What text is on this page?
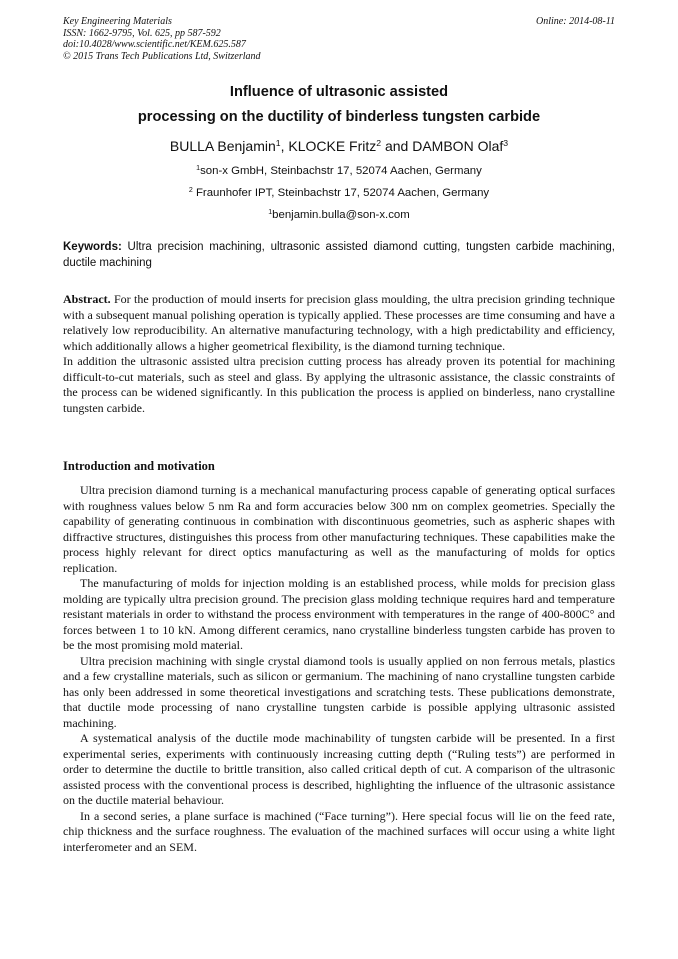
Key Engineering Materials
ISSN: 1662-9795, Vol. 625, pp 587-592
doi:10.4028/www.scientific.net/KEM.625.587
© 2015 Trans Tech Publications Ltd, Switzerland
Online: 2014-08-11
Influence of ultrasonic assisted
processing on the ductility of binderless tungsten carbide
BULLA Benjamin$^1$, KLOCKE Fritz$^2$ and DAMBON Olaf$^3$
$^1$son-x GmbH, Steinbachstr 17, 52074 Aachen, Germany
$^2$ Fraunhofer IPT, Steinbachstr 17, 52074 Aachen, Germany
$^1$benjamin.bulla@son-x.com
Keywords: Ultra precision machining, ultrasonic assisted diamond cutting, tungsten carbide machining, ductile machining

Abstract. For the production of mould inserts for precision glass moulding, the ultra precision grinding technique with a subsequent manual polishing operation is typically applied. These processes are time consuming and have a relatively low reproducibility. An alternative manufacturing technology, with a high predictability and efficiency, which additionally allows a higher geometrical flexibility, is the diamond turning technique.

In addition the ultrasonic assisted ultra precision cutting process has already proven its potential for machining difficult-to-cut materials, such as steel and glass. By applying the ultrasonic assistance, the classic constraints of the process can be widened significantly. In this publication the process is applied on binderless, nano crystalline tungsten carbide.

Introduction and motivation

Ultra precision diamond turning is a mechanical manufacturing process capable of generating optical surfaces with roughness values below 5 nm Ra and form accuracies below 300 nm on complex geometries. Specially the capability of generating continuous in combination with discontinuous geometries, such as aspheric shapes with diffractive structures, distinguishes this process from other manufacturing techniques. These capabilities make the process highly relevant for direct optics manufacturing as well as the manufacturing of molds for optics replication.

The manufacturing of molds for injection molding is an established process, while molds for precision glass molding are typically ultra precision ground. The precision glass molding technique requires hard and temperature resistant materials in order to withstand the process environment with temperatures in the range of 400-800C° and forces between 1 to 10 kN. Among different ceramics, nano crystalline binderless tungsten carbide has proven to be the most promising mold material.

Ultra precision machining with single crystal diamond tools is usually applied on non ferrous metals, plastics and a few crystalline materials, such as silicon or germanium. The machining of nano crystalline tungsten carbide has only been addressed in some theoretical investigations and scratching tests. These publications demonstrate, that ductile mode processing of nano crystalline tungsten carbide is possible applying ultrasonic assisted machining.

A systematical analysis of the ductile mode machinability of tungsten carbide will be presented. In a first experimental series, experiments with continuously increasing cutting depth (“Ruling tests”) are performed in order to determine the ductile to brittle transition, also called critical depth of cut. A comparison of the ultrasonic assisted process with the conventional process is described, highlighting the influence of the ultrasonic assistance on the ductile material behaviour.

In a second series, a plane surface is machined (“Face turning”). Here special focus will lie on the feed rate, chip thickness and the surface roughness. The evaluation of the machined surfaces will occur using a white light interferometer and an SEM.
